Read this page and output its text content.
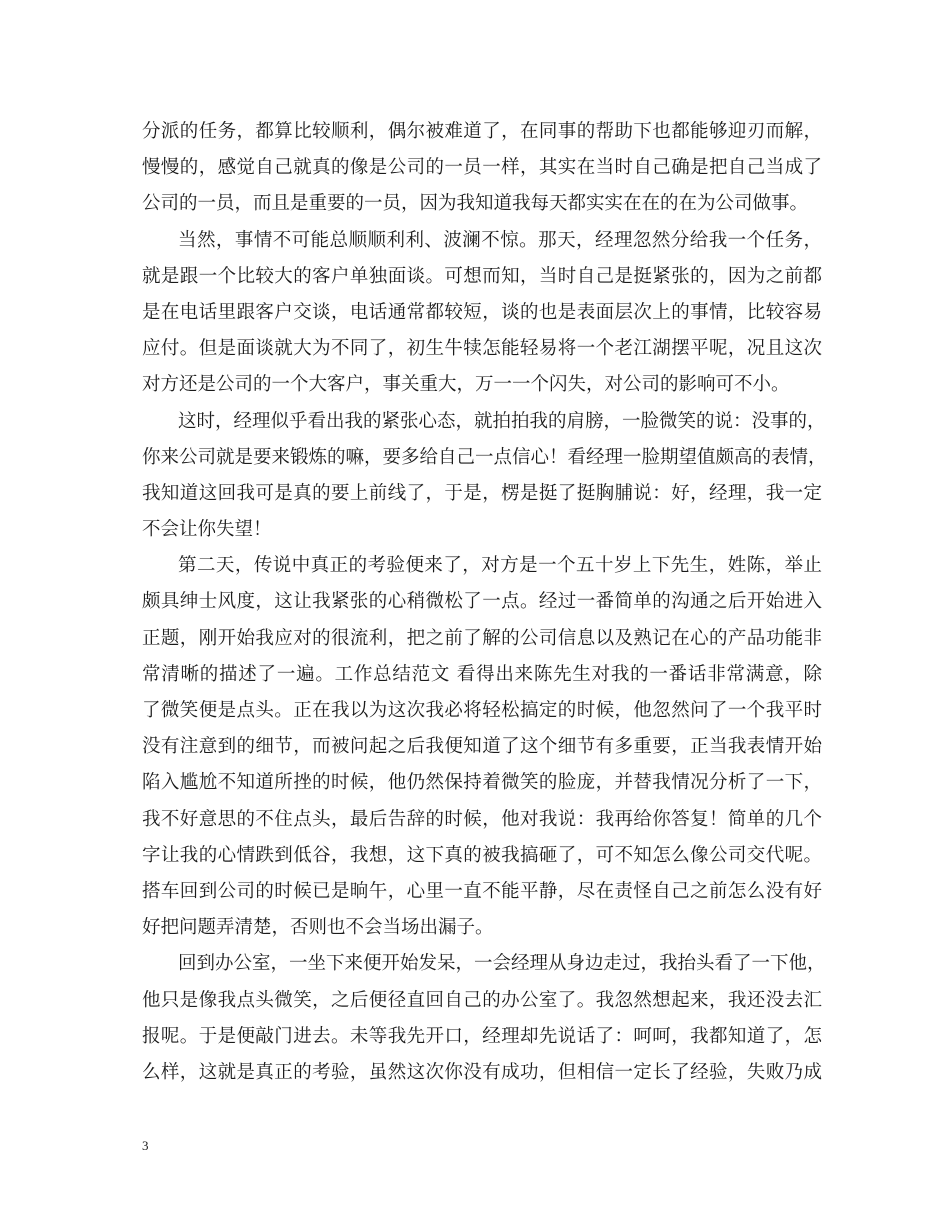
分派的任务，都算比较顺利，偶尔被难道了，在同事的帮助下也都能够迎刃而解，
慢慢的，感觉自己就真的像是公司的一员一样，其实在当时自己确是把自己当成了
公司的一员，而且是重要的一员，因为我知道我每天都实实在在的在为公司做事。
当然，事情不可能总顺顺利利、波澜不惊。那天，经理忽然分给我一个任务，
就是跟一个比较大的客户单独面谈。可想而知，当时自己是挺紧张的，因为之前都
是在电话里跟客户交谈，电话通常都较短，谈的也是表面层次上的事情，比较容易
应付。但是面谈就大为不同了，初生牛犊怎能轻易将一个老江湖摆平呢，况且这次
对方还是公司的一个大客户，事关重大，万一一个闪失，对公司的影响可不小。
这时，经理似乎看出我的紧张心态，就拍拍我的肩膀，一脸微笑的说：没事的，
你来公司就是要来锻炼的嘛，要多给自己一点信心！看经理一脸期望值颇高的表情，
我知道这回我可是真的要上前线了，于是，楞是挺了挺胸脯说：好，经理，我一定
不会让你失望！
第二天，传说中真正的考验便来了，对方是一个五十岁上下先生，姓陈，举止
颇具绅士风度，这让我紧张的心稍微松了一点。经过一番简单的沟通之后开始进入
正题，刚开始我应对的很流利，把之前了解的公司信息以及熟记在心的产品功能非
常清晰的描述了一遍。工作总结范文 看得出来陈先生对我的一番话非常满意，除
了微笑便是点头。正在我以为这次我必将轻松搞定的时候，他忽然问了一个我平时
没有注意到的细节，而被问起之后我便知道了这个细节有多重要，正当我表情开始
陷入尴尬不知道所挫的时候，他仍然保持着微笑的脸庞，并替我情况分析了一下，
我不好意思的不住点头，最后告辞的时候，他对我说：我再给你答复！简单的几个
字让我的心情跌到低谷，我想，这下真的被我搞砸了，可不知怎么像公司交代呢。
搭车回到公司的时候已是晌午，心里一直不能平静，尽在责怪自己之前怎么没有好
好把问题弄清楚，否则也不会当场出漏子。
回到办公室，一坐下来便开始发呆，一会经理从身边走过，我抬头看了一下他，
他只是像我点头微笑，之后便径直回自己的办公室了。我忽然想起来，我还没去汇
报呢。于是便敲门进去。未等我先开口，经理却先说话了：呵呵，我都知道了，怎
么样，这就是真正的考验，虽然这次你没有成功，但相信一定长了经验，失败乃成
3
